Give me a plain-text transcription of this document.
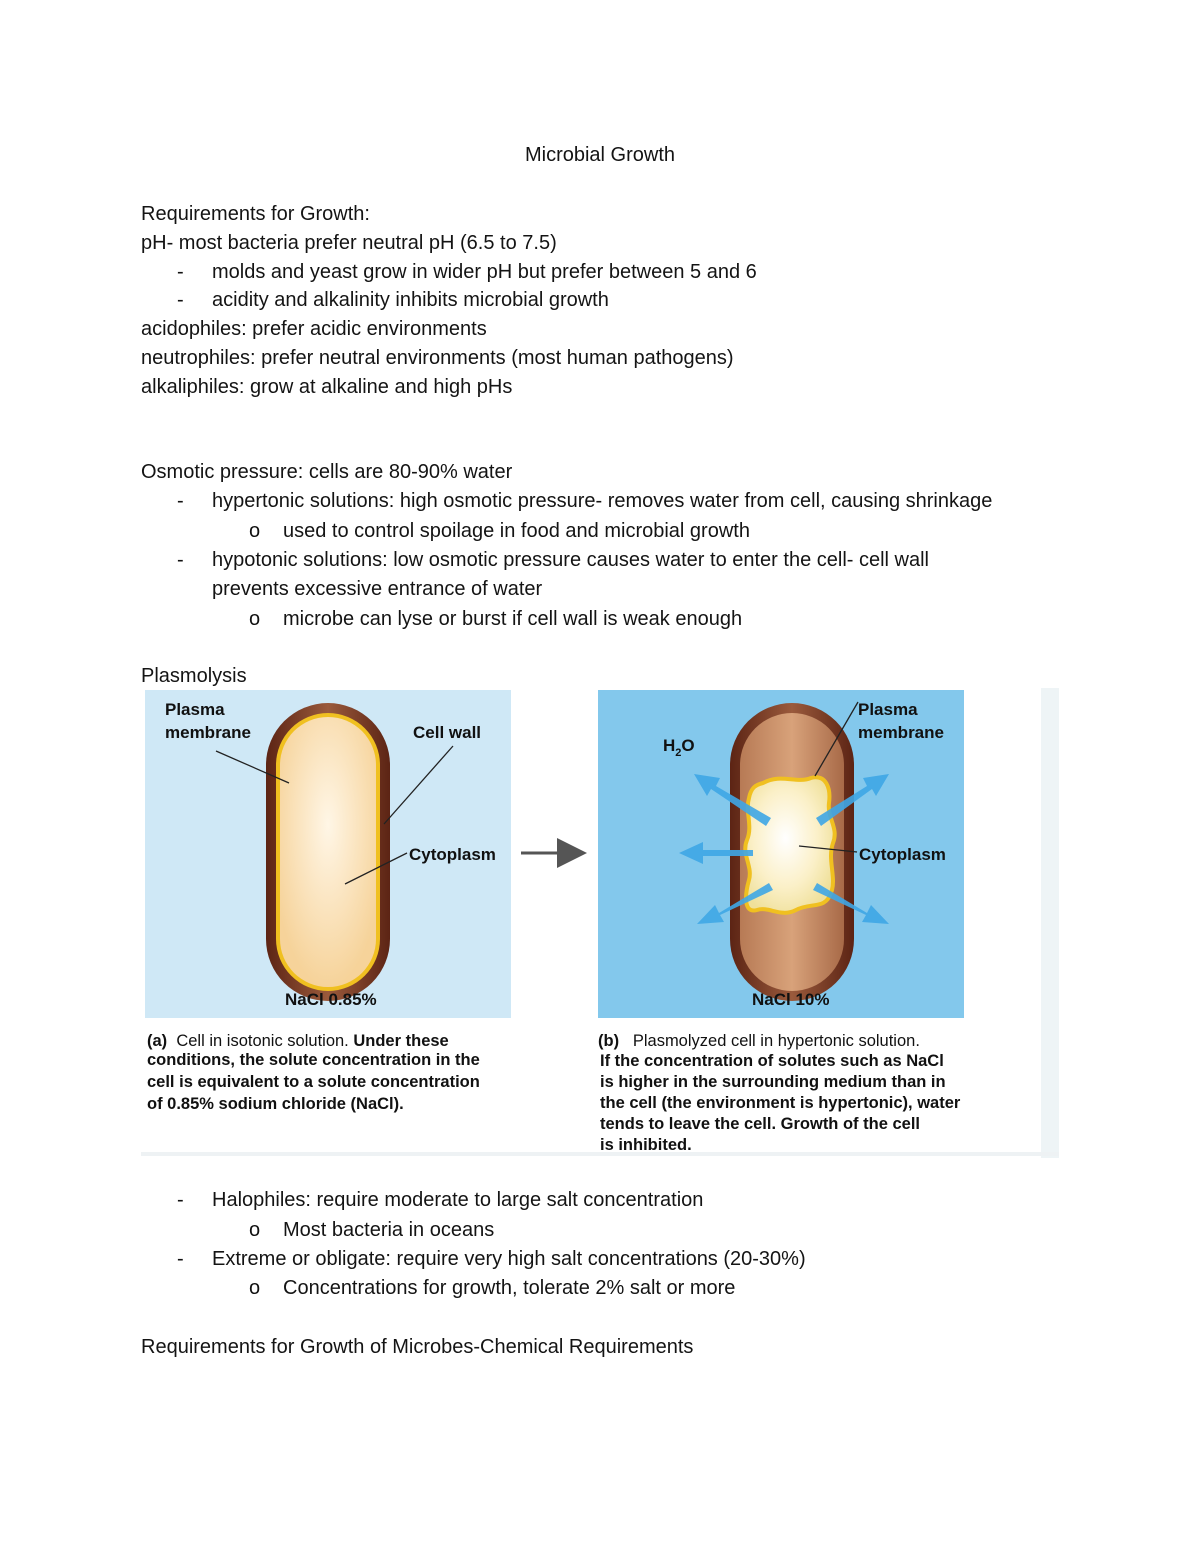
Microbial Growth
Requirements for Growth:
pH- most bacteria prefer neutral pH (6.5 to 7.5)
- molds and yeast grow in wider pH but prefer between 5 and 6
- acidity and alkalinity inhibits microbial growth
acidophiles: prefer acidic environments
neutrophiles: prefer neutral environments (most human pathogens)
alkaliphiles: grow at alkaline and high pHs
Osmotic pressure: cells are 80-90% water
- hypertonic solutions: high osmotic pressure- removes water from cell, causing shrinkage
o used to control spoilage in food and microbial growth
- hypotonic solutions: low osmotic pressure causes water to enter the cell- cell wall
prevents excessive entrance of water
o microbe can lyse or burst if cell wall is weak enough
Plasmolysis
Plasma
membrane	Cell wall
Cytoplasm
NaCl 0.85%
$H_2O$
Plasma
membrane
Cytoplasm
NaCl 10%
(a) Cell in isotonic solution. Under these
conditions, the solute concentration in the
cell is equivalent to a solute concentration
of 0.85% sodium chloride (NaCl).
(b) Plasmolyzed cell in hypertonic solution.
If the concentration of solutes such as NaCl
is higher in the surrounding medium than in
the cell (the environment is hypertonic), water
tends to leave the cell. Growth of the cell
is inhibited.
- Halophiles: require moderate to large salt concentration
o Most bacteria in oceans
- Extreme or obligate: require very high salt concentrations (20-30%)
o Concentrations for growth, tolerate 2% salt or more
Requirements for Growth of Microbes-Chemical Requirements
